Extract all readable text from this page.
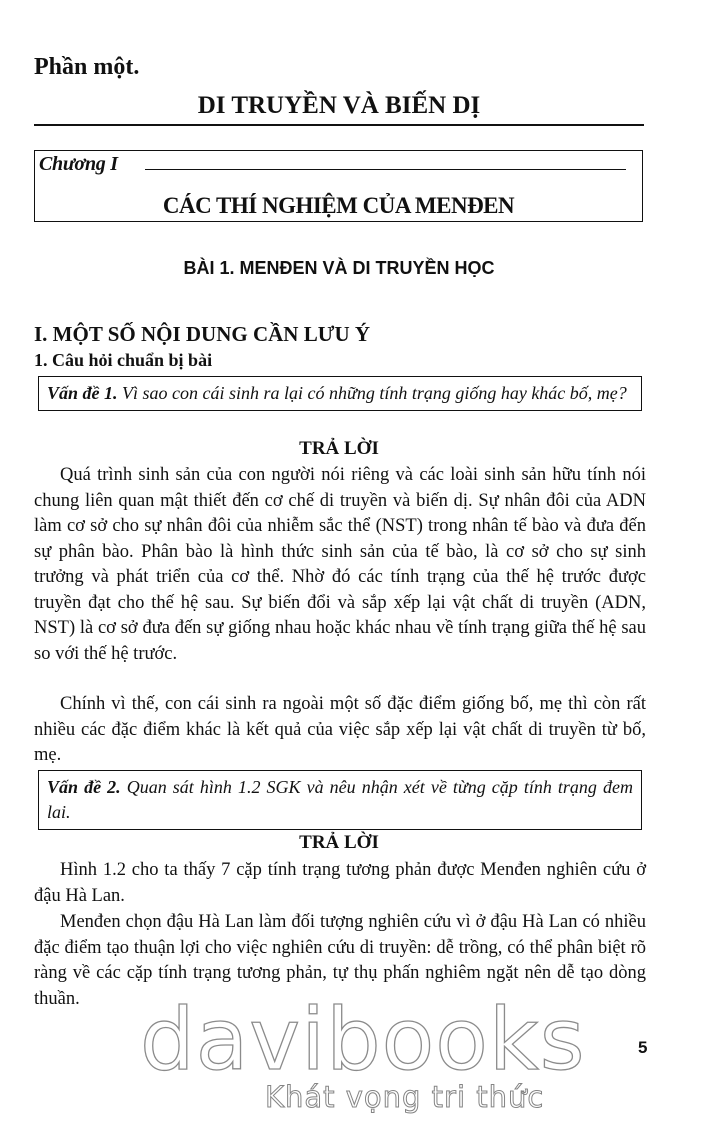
Phần một.
DI TRUYỀN VÀ BIẾN DỊ
Chương I
CÁC THÍ NGHIỆM CỦA MENĐEN
BÀI 1. MENĐEN VÀ DI TRUYỀN HỌC
I. MỘT SỐ NỘI DUNG CẦN LƯU Ý
1. Câu hỏi chuẩn bị bài
Vấn đề 1. Vì sao con cái sinh ra lại có những tính trạng giống hay khác bố, mẹ?
TRẢ LỜI
Quá trình sinh sản của con người nói riêng và các loài sinh sản hữu tính nói chung liên quan mật thiết đến cơ chế di truyền và biến dị. Sự nhân đôi của ADN làm cơ sở cho sự nhân đôi của nhiễm sắc thể (NST) trong nhân tế bào và đưa đến sự phân bào. Phân bào là hình thức sinh sản của tế bào, là cơ sở cho sự sinh trưởng và phát triển của cơ thể. Nhờ đó các tính trạng của thế hệ trước được truyền đạt cho thế hệ sau. Sự biến đổi và sắp xếp lại vật chất di truyền (ADN, NST) là cơ sở đưa đến sự giống nhau hoặc khác nhau về tính trạng giữa thế hệ sau so với thế hệ trước.
Chính vì thế, con cái sinh ra ngoài một số đặc điểm giống bố, mẹ thì còn rất nhiều các đặc điểm khác là kết quả của việc sắp xếp lại vật chất di truyền từ bố, mẹ.
Vấn đề 2. Quan sát hình 1.2 SGK và nêu nhận xét về từng cặp tính trạng đem lai.
TRẢ LỜI
Hình 1.2 cho ta thấy 7 cặp tính trạng tương phản được Menđen nghiên cứu ở đậu Hà Lan.
Menđen chọn đậu Hà Lan làm đối tượng nghiên cứu vì ở đậu Hà Lan có nhiều đặc điểm tạo thuận lợi cho việc nghiên cứu di truyền: dễ trồng, có thể phân biệt rõ ràng về các cặp tính trạng tương phản, tự thụ phấn nghiêm ngặt nên dễ tạo dòng thuần. davibooks	5
Khát vọng tri thức
